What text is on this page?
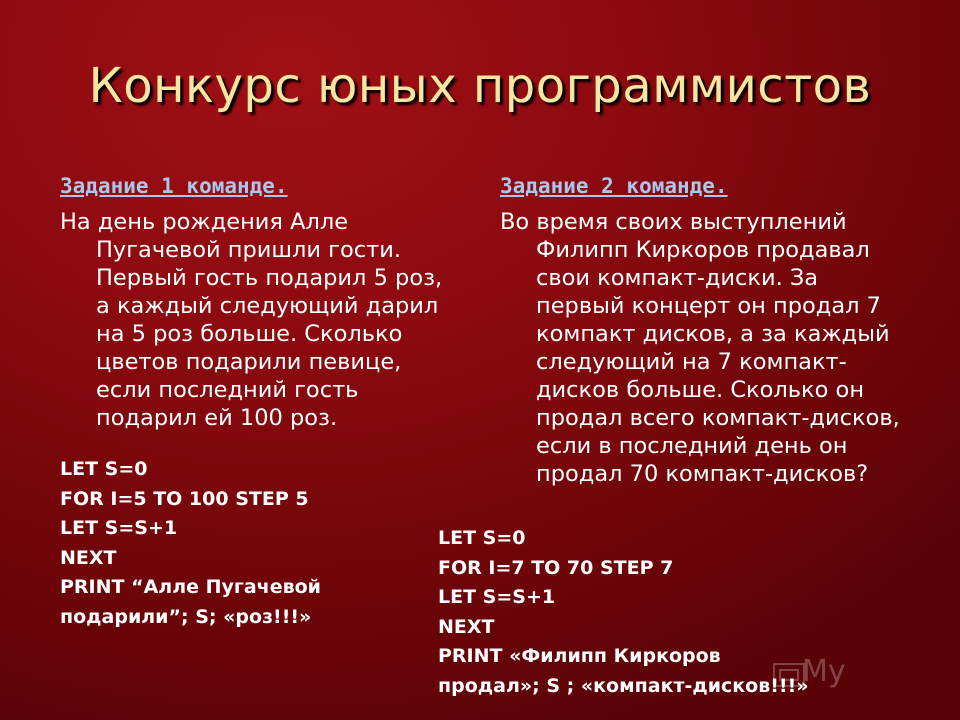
Конкурс юных программистов
Задание 1 команде.

На день рождения Алле Пугачевой пришли гости. Первый гость подарил 5 роз, а каждый следующий дарил на 5 роз больше. Сколько цветов подарили певице, если последний гость подарил ей 100 роз.

Задание 2 команде.

Во время своих выступлений Филипп Киркоров продавал свои компакт-диски. За первый концерт он продал 7 компакт дисков, а за каждый следующий на 7 компакт-дисков больше. Сколько он продал всего компакт-дисков, если в последний день он продал 70 компакт-дисков?

LET S=0
FOR I=5 TO 100 STEP 5
LET S=S+1
NEXT
PRINT “Алле Пугачевой
подарили”; S; «роз!!!»
LET S=0
FOR I=7 TO 70 STEP 7
LET S=S+1
NEXT
PRINT «Филипп Киркоров
продал»; S ; «компакт-дисков!!!»
My
